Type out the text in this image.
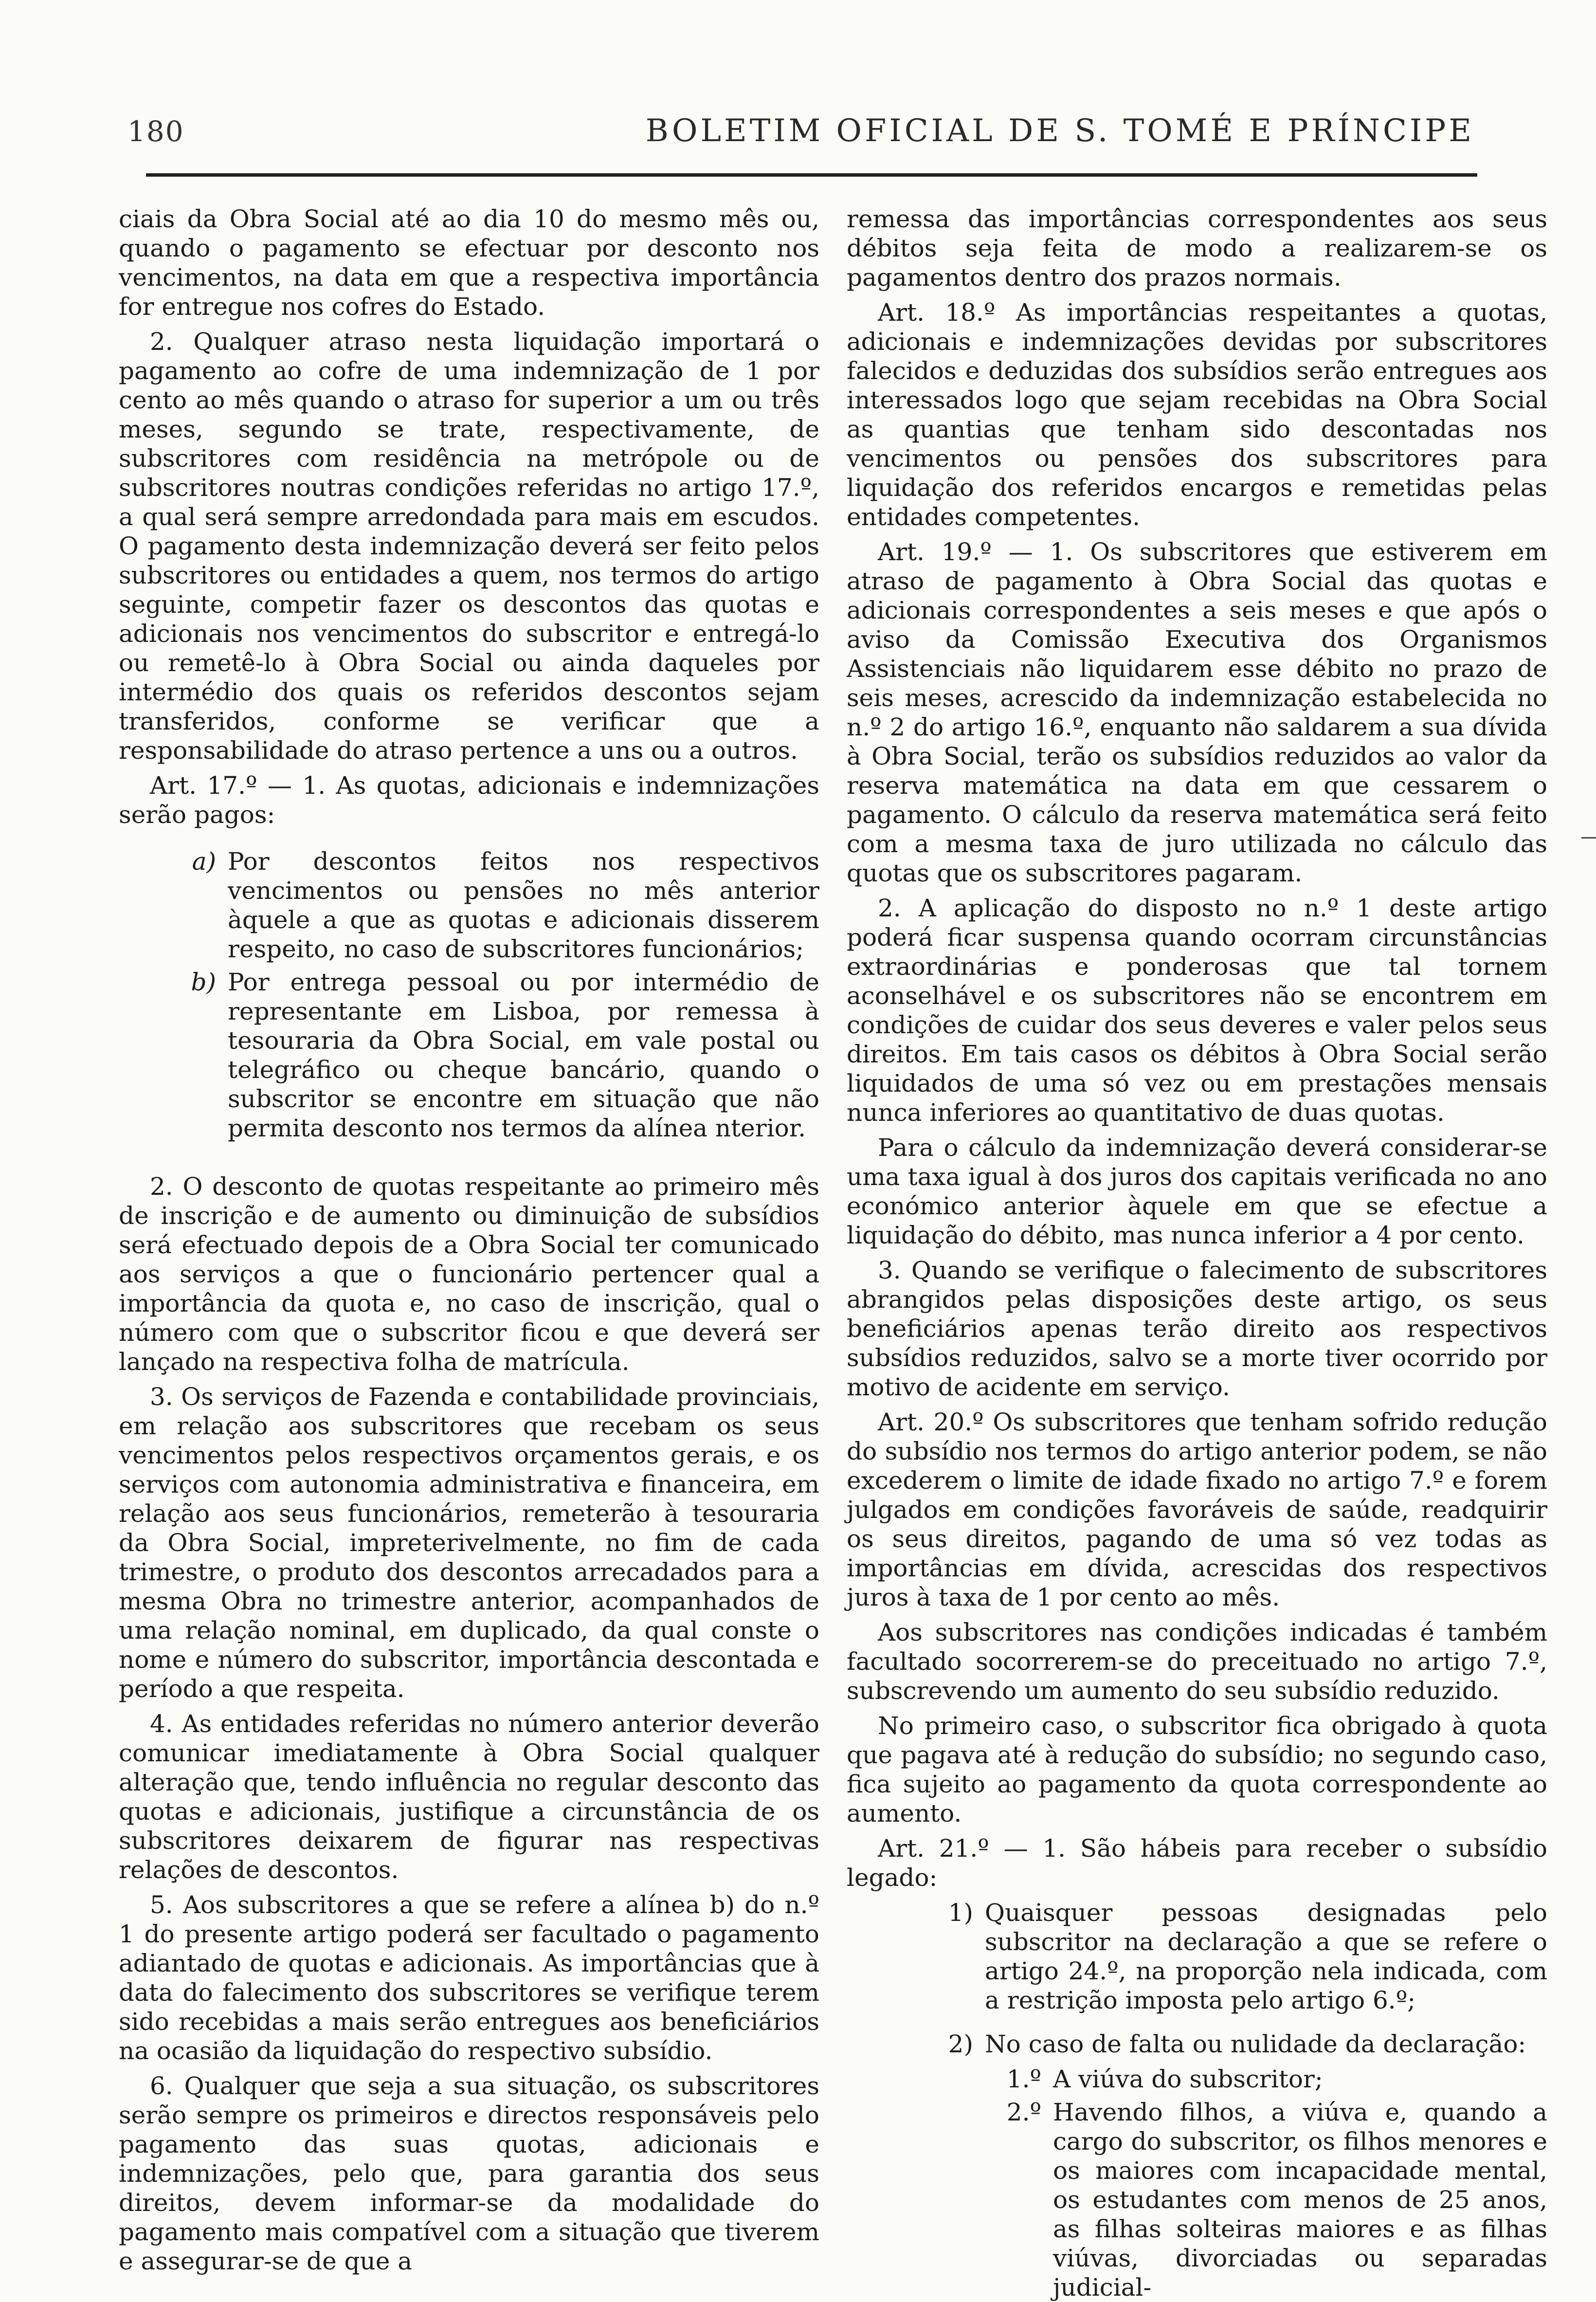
180	BOLETIM OFICIAL DE S. TOMÉ E PRÍNCIPE

ciais da Obra Social até ao dia 10 do mesmo mês ou, quando o pagamento se efectuar por desconto nos vencimentos, na data em que a respectiva importância for entregue nos cofres do Estado.

2. Qualquer atraso nesta liquidação importará o pagamento ao cofre de uma indemnização de 1 por cento ao mês quando o atraso for superior a um ou três meses, segundo se trate, respectivamente, de subscritores com residência na metrópole ou de subscritores noutras condições referidas no artigo 17.º, a qual será sempre arredondada para mais em escudos. O pagamento desta indemnização deverá ser feito pelos subscritores ou entidades a quem, nos termos do artigo seguinte, competir fazer os descontos das quotas e adicionais nos vencimentos do subscritor e entregá-lo ou remetê-lo à Obra Social ou ainda daqueles por intermédio dos quais os referidos descontos sejam transferidos, conforme se verificar que a responsabilidade do atraso pertence a uns ou a outros.

Art. 17.º — 1. As quotas, adicionais e indemnizações serão pagos:

a) Por descontos feitos nos respectivos vencimentos ou pensões no mês anterior àquele a que as quotas e adicionais disserem respeito, no caso de subscritores funcionários;
b) Por entrega pessoal ou por intermédio de representante em Lisboa, por remessa à tesouraria da Obra Social, em vale postal ou telegráfico ou cheque bancário, quando o subscritor se encontre em situação que não permita desconto nos termos da alínea nterior.

2. O desconto de quotas respeitante ao primeiro mês de inscrição e de aumento ou diminuição de subsídios será efectuado depois de a Obra Social ter comunicado aos serviços a que o funcionário pertencer qual a importância da quota e, no caso de inscrição, qual o número com que o subscritor ficou e que deverá ser lançado na respectiva folha de matrícula.

3. Os serviços de Fazenda e contabilidade provinciais, em relação aos subscritores que recebam os seus vencimentos pelos respectivos orçamentos gerais, e os serviços com autonomia administrativa e financeira, em relação aos seus funcionários, remeterão à tesouraria da Obra Social, impreterivelmente, no fim de cada trimestre, o produto dos descontos arrecadados para a mesma Obra no trimestre anterior, acompanhados de uma relação nominal, em duplicado, da qual conste o nome e número do subscritor, importância descontada e período a que respeita.

4. As entidades referidas no número anterior deverão comunicar imediatamente à Obra Social qualquer alteração que, tendo influência no regular desconto das quotas e adicionais, justifique a circunstância de os subscritores deixarem de figurar nas respectivas relações de descontos.

5. Aos subscritores a que se refere a alínea b) do n.º 1 do presente artigo poderá ser facultado o pagamento adiantado de quotas e adicionais. As importâncias que à data do falecimento dos subscritores se verifique terem sido recebidas a mais serão entregues aos beneficiários na ocasião da liquidação do respectivo subsídio.

6. Qualquer que seja a sua situação, os subscritores serão sempre os primeiros e directos responsáveis pelo pagamento das suas quotas, adicionais e indemnizações, pelo que, para garantia dos seus direitos, devem informar-se da modalidade do pagamento mais compatível com a situação que tiverem e assegurar-se de que a

remessa das importâncias correspondentes aos seus débitos seja feita de modo a realizarem-se os pagamentos dentro dos prazos normais.

Art. 18.º As importâncias respeitantes a quotas, adicionais e indemnizações devidas por subscritores falecidos e deduzidas dos subsídios serão entregues aos interessados logo que sejam recebidas na Obra Social as quantias que tenham sido descontadas nos vencimentos ou pensões dos subscritores para liquidação dos referidos encargos e remetidas pelas entidades competentes.

Art. 19.º — 1. Os subscritores que estiverem em atraso de pagamento à Obra Social das quotas e adicionais correspondentes a seis meses e que após o aviso da Comissão Executiva dos Organismos Assistenciais não liquidarem esse débito no prazo de seis meses, acrescido da indemnização estabelecida no n.º 2 do artigo 16.º, enquanto não saldarem a sua dívida à Obra Social, terão os subsídios reduzidos ao valor da reserva matemática na data em que cessarem o pagamento. O cálculo da reserva matemática será feito com a mesma taxa de juro utilizada no cálculo das quotas que os subscritores pagaram.

2. A aplicação do disposto no n.º 1 deste artigo poderá ficar suspensa quando ocorram circunstâncias extraordinárias e ponderosas que tal tornem aconselhável e os subscritores não se encontrem em condições de cuidar dos seus deveres e valer pelos seus direitos. Em tais casos os débitos à Obra Social serão liquidados de uma só vez ou em prestações mensais nunca inferiores ao quantitativo de duas quotas.

Para o cálculo da indemnização deverá considerar-se uma taxa igual à dos juros dos capitais verificada no ano económico anterior àquele em que se efectue a liquidação do débito, mas nunca inferior a 4 por cento.

3. Quando se verifique o falecimento de subscritores abrangidos pelas disposições deste artigo, os seus beneficiários apenas terão direito aos respectivos subsídios reduzidos, salvo se a morte tiver ocorrido por motivo de acidente em serviço.

Art. 20.º Os subscritores que tenham sofrido redução do subsídio nos termos do artigo anterior podem, se não excederem o limite de idade fixado no artigo 7.º e forem julgados em condições favoráveis de saúde, readquirir os seus direitos, pagando de uma só vez todas as importâncias em dívida, acrescidas dos respectivos juros à taxa de 1 por cento ao mês.

Aos subscritores nas condições indicadas é também facultado socorrerem-se do preceituado no artigo 7.º, subscrevendo um aumento do seu subsídio reduzido.

No primeiro caso, o subscritor fica obrigado à quota que pagava até à redução do subsídio; no segundo caso, fica sujeito ao pagamento da quota correspondente ao aumento.

Art. 21.º — 1. São hábeis para receber o subsídio legado:

1) Quaisquer pessoas designadas pelo subscritor na declaração a que se refere o artigo 24.º, na proporção nela indicada, com a restrição imposta pelo artigo 6.º;
2) No caso de falta ou nulidade da declaração:
1.º A viúva do subscritor;
2.º Havendo filhos, a viúva e, quando a cargo do subscritor, os filhos menores e os maiores com incapacidade mental, os estudantes com menos de 25 anos, as filhas solteiras maiores e as filhas viúvas, divorciadas ou separadas judicial-
